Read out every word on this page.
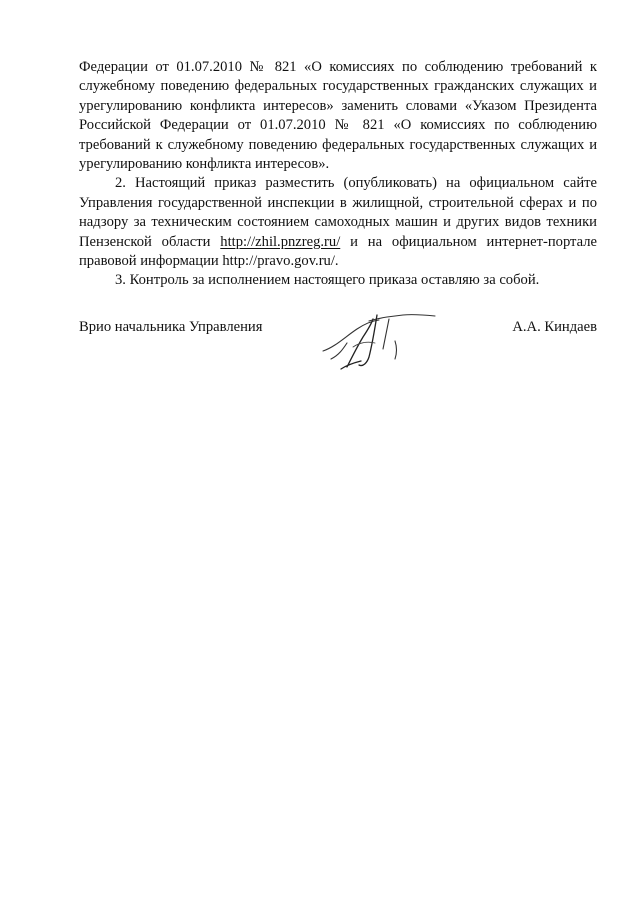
Федерации от 01.07.2010 № 821 «О комиссиях по соблюдению требований к служебному поведению федеральных государственных гражданских служащих и урегулированию конфликта интересов» заменить словами «Указом Президента Российской Федерации от 01.07.2010 № 821 «О комиссиях по соблюдению требований к служебному поведению федеральных государственных служащих и урегулированию конфликта интересов».

2. Настоящий приказ разместить (опубликовать) на официальном сайте Управления государственной инспекции в жилищной, строительной сферах и по надзору за техническим состоянием самоходных машин и других видов техники Пензенской области http://zhil.pnzreg.ru/ и на официальном интернет-портале правовой информации http://pravo.gov.ru/.

3. Контроль за исполнением настоящего приказа оставляю за собой.

Врио начальника Управления	А.А. Киндаев
